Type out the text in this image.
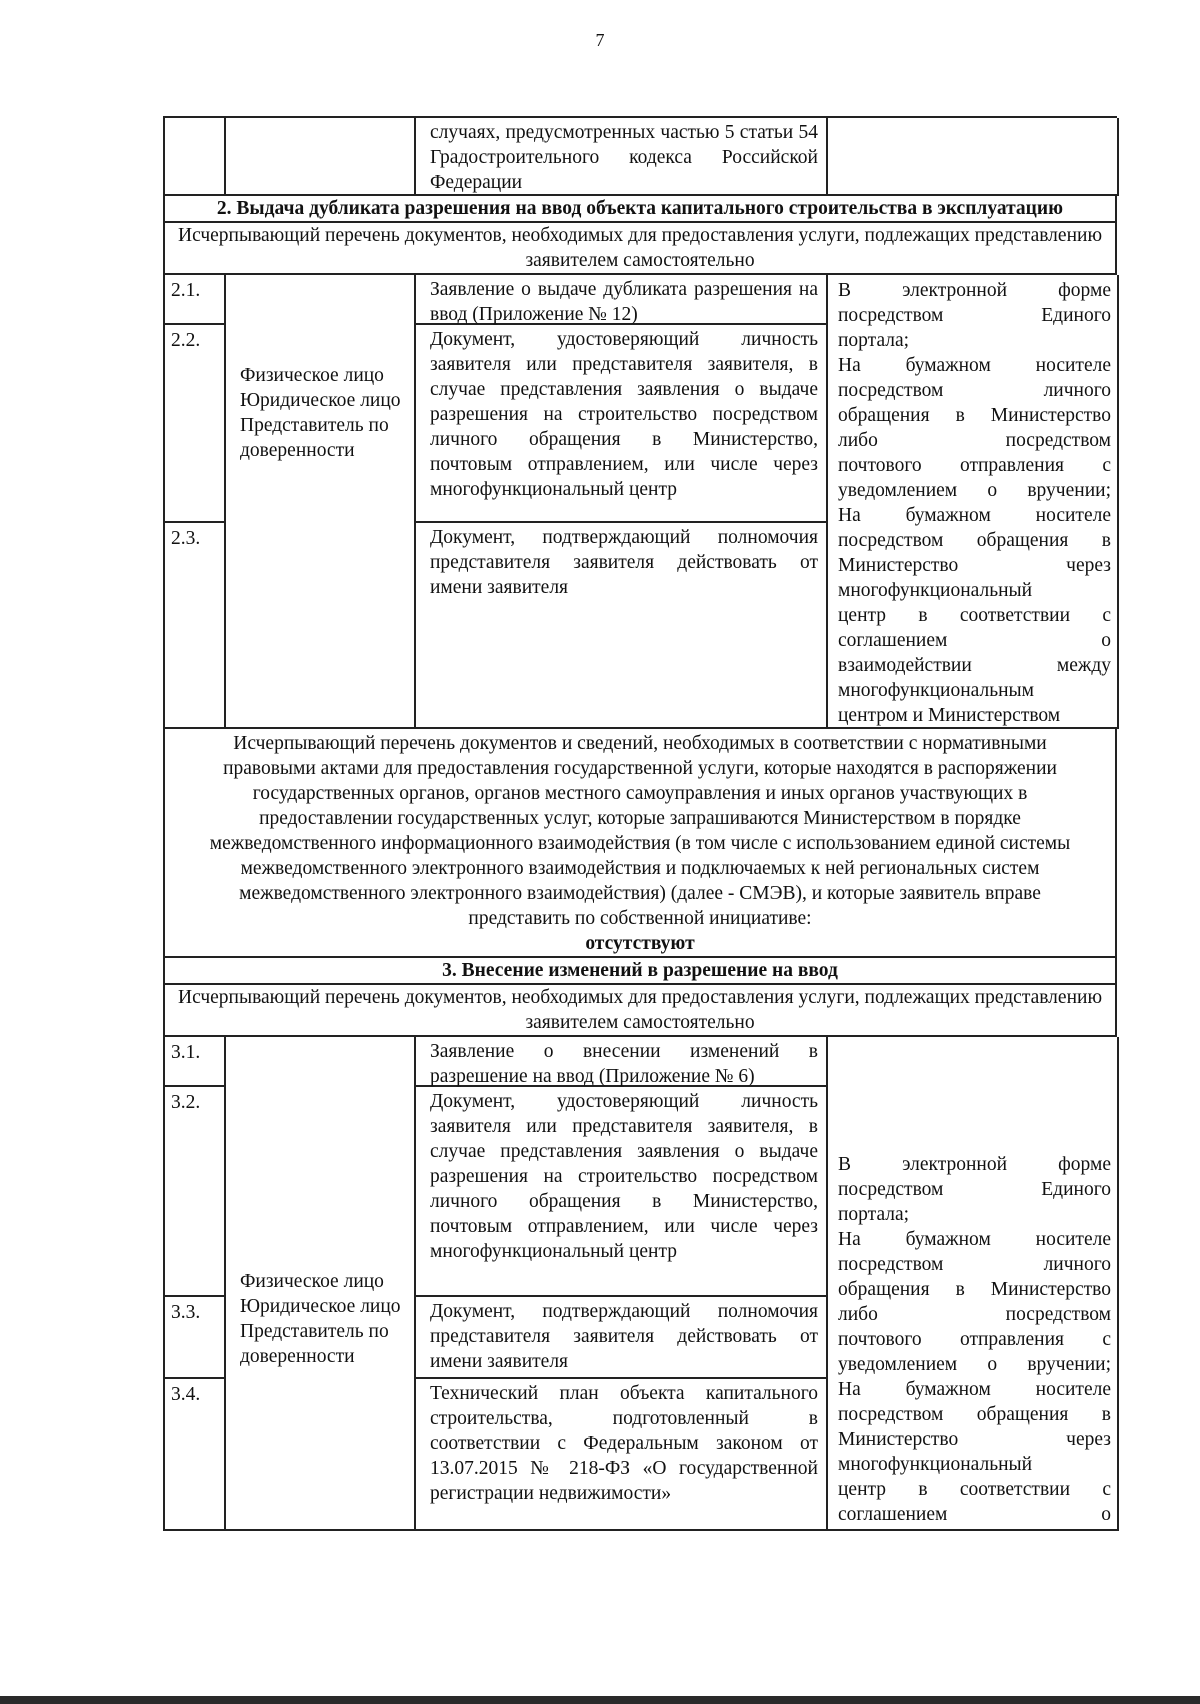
7
случаях, предусмотренных частью 5 статьи 54 Градостроительного кодекса Российской Федерации
2. Выдача дубликата разрешения на ввод объекта капитального строительства в эксплуатацию
Исчерпывающий перечень документов, необходимых для предоставления услуги, подлежащих представлению заявителем самостоятельно
2.1.
2.2.
2.3.
Физическое лицо
Юридическое лицо
Представитель по доверенности
Заявление о выдаче дубликата разрешения на ввод (Приложение № 12)
Документ, удостоверяющий личность заявителя или представителя заявителя, в случае представления заявления о выдаче разрешения на строительство посредством личного обращения в Министерство, почтовым отправлением, или числе через многофункциональный центр
Документ, подтверждающий полномочия представителя заявителя действовать от имени заявителя
В электронной форме
посредством Единого
портала;
На бумажном носителе
посредством личного
обращения в Министерство
либо посредством
почтового отправления с
уведомлением о вручении;
На бумажном носителе
посредством обращения в
Министерство через
многофункциональный
центр в соответствии с
соглашением о
взаимодействии между
многофункциональным
центром и Министерством
Исчерпывающий перечень документов и сведений, необходимых в соответствии с нормативными правовыми актами для предоставления государственной услуги, которые находятся в распоряжении государственных органов, органов местного самоуправления и иных органов участвующих в предоставлении государственных услуг, которые запрашиваются Министерством в порядке межведомственного информационного взаимодействия (в том числе с использованием единой системы межведомственного электронного взаимодействия и подключаемых к ней региональных систем межведомственного электронного взаимодействия) (далее - СМЭВ), и которые заявитель вправе представить по собственной инициативе:
отсутствуют
3. Внесение изменений в разрешение на ввод
Исчерпывающий перечень документов, необходимых для предоставления услуги, подлежащих представлению заявителем самостоятельно
3.1.
3.2.
3.3.
3.4.
Физическое лицо
Юридическое лицо
Представитель по доверенности
Заявление о внесении изменений в разрешение на ввод (Приложение № 6)
Документ, удостоверяющий личность заявителя или представителя заявителя, в случае представления заявления о выдаче разрешения на строительство посредством личного обращения в Министерство, почтовым отправлением, или числе через многофункциональный центр
Документ, подтверждающий полномочия представителя заявителя действовать от имени заявителя
Технический план объекта капитального строительства, подготовленный в соответствии с Федеральным законом от 13.07.2015 № 218-ФЗ «О государственной регистрации недвижимости»
В электронной форме
посредством Единого
портала;
На бумажном носителе
посредством личного
обращения в Министерство
либо посредством
почтового отправления с
уведомлением о вручении;
На бумажном носителе
посредством обращения в
Министерство через
многофункциональный
центр в соответствии с
соглашением о
